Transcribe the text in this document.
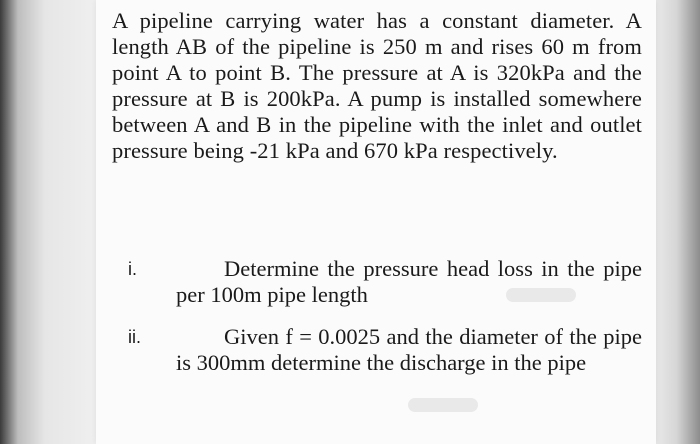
A pipeline carrying water has a constant diameter. A length AB of the pipeline is 250 m and rises 60 m from point A to point B. The pressure at A is 320kPa and the pressure at B is 200kPa. A pump is installed somewhere between A and B in the pipeline with the inlet and outlet pressure being -21 kPa and 670 kPa respectively.
i.	Determine the pressure head loss in the pipe per 100m pipe length
ii.	Given f = 0.0025 and the diameter of the pipe is 300mm determine the discharge in the pipe
